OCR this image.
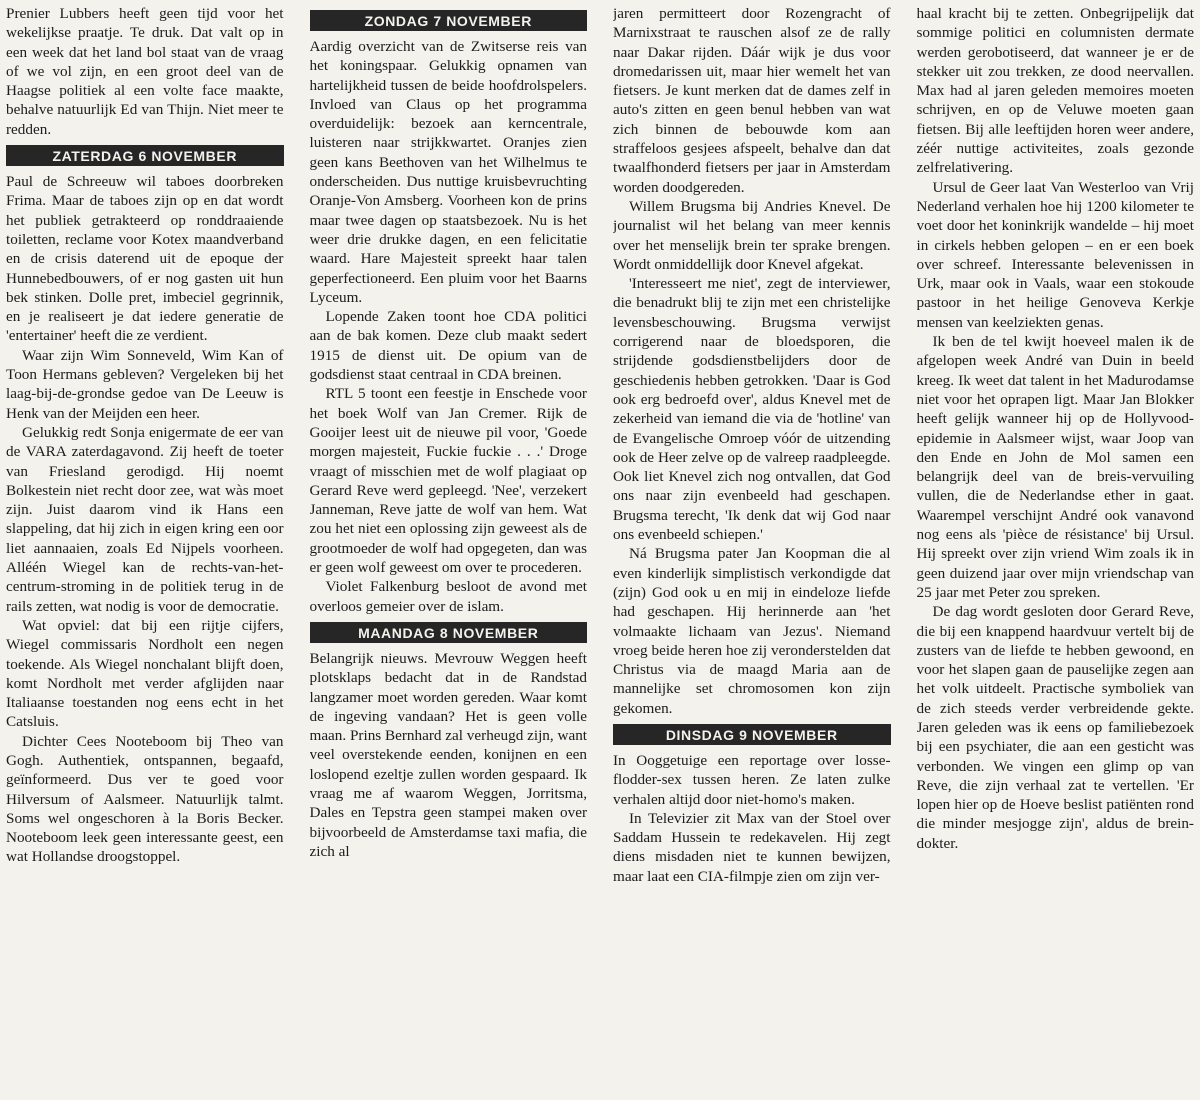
Prenier Lubbers heeft geen tijd voor het wekelijkse praatje. Te druk. Dat valt op in een week dat het land bol staat van de vraag of we vol zijn, en een groot deel van de Haagse politiek al een volte face maakte, behalve natuurlijk Ed van Thijn. Niet meer te redden.

ZATERDAG 6 NOVEMBER

Paul de Schreeuw wil taboes doorbreken Frima. Maar de taboes zijn op en dat wordt het publiek getrakteerd op ronddraaiende toiletten, reclame voor Kotex maandverband en de crisis daterend uit de epoque der Hunnebedbouwers, of er nog gasten uit hun bek stinken. Dolle pret, imbeciel gegrinnik, en je realiseert je dat iedere generatie de 'entertainer' heeft die ze verdient.

Waar zijn Wim Sonneveld, Wim Kan of Toon Hermans gebleven? Vergeleken bij het laag-bij-de-grondse gedoe van De Leeuw is Henk van der Meijden een heer.

Gelukkig redt Sonja enigermate de eer van de VARA zaterdagavond. Zij heeft de toeter van Friesland gerodigd. Hij noemt Bolkestein niet recht door zee, wat wàs moet zijn. Juist daarom vind ik Hans een slappeling, dat hij zich in eigen kring een oor liet aannaaien, zoals Ed Nijpels voorheen. Alléén Wiegel kan de rechts-van-het-centrum-stroming in de politiek terug in de rails zetten, wat nodig is voor de democratie.

Wat opviel: dat bij een rijtje cijfers, Wiegel commissaris Nordholt een negen toekende. Als Wiegel nonchalant blijft doen, komt Nordholt met verder afglijden naar Italiaanse toestanden nog eens echt in het Catsluis.

Dichter Cees Nooteboom bij Theo van Gogh. Authentiek, ontspannen, begaafd, geïnformeerd. Dus ver te goed voor Hilversum of Aalsmeer. Natuurlijk talmt. Soms wel ongeschoren à la Boris Becker. Nooteboom leek geen interessante geest, een wat Hollandse droogstoppel.

ZONDAG 7 NOVEMBER

Aardig overzicht van de Zwitserse reis van het koningspaar. Gelukkig opnamen van hartelijkheid tussen de beide hoofdrolspelers. Invloed van Claus op het programma overduidelijk: bezoek aan kerncentrale, luisteren naar strijkkwartet. Oranjes zien geen kans Beethoven van het Wilhelmus te onderscheiden. Dus nuttige kruisbevruchting Oranje-Von Amsberg. Voorheen kon de prins maar twee dagen op staatsbezoek. Nu is het weer drie drukke dagen, en een felicitatie waard. Hare Majesteit spreekt haar talen geperfectioneerd. Een pluim voor het Baarns Lyceum.

Lopende Zaken toont hoe CDA politici aan de bak komen. Deze club maakt sedert 1915 de dienst uit. De opium van de godsdienst staat centraal in CDA breinen.

RTL 5 toont een feestje in Enschede voor het boek Wolf van Jan Cremer. Rijk de Gooijer leest uit de nieuwe pil voor, 'Goede morgen majesteit, Fuckie fuckie . . .' Droge vraagt of misschien met de wolf plagiaat op Gerard Reve werd gepleegd. 'Nee', verzekert Janneman, Reve jatte de wolf van hem. Wat zou het niet een oplossing zijn geweest als de grootmoeder de wolf had opgegeten, dan was er geen wolf geweest om over te procederen.

Violet Falkenburg besloot de avond met overloos gemeier over de islam.

MAANDAG 8 NOVEMBER

Belangrijk nieuws. Mevrouw Weggen heeft plotsklaps bedacht dat in de Randstad langzamer moet worden gereden. Waar komt de ingeving vandaan? Het is geen volle maan. Prins Bernhard zal verheugd zijn, want veel overstekende eenden, konijnen en een loslopend ezeltje zullen worden gespaard. Ik vraag me af waarom Weggen, Jorritsma, Dales en Tepstra geen stampei maken over bijvoorbeeld de Amsterdamse taxi mafia, die zich al

jaren permitteert door Rozengracht of Marnixstraat te rauschen alsof ze de rally naar Dakar rijden. Dáár wijk je dus voor dromedarissen uit, maar hier wemelt het van fietsers. Je kunt merken dat de dames zelf in auto's zitten en geen benul hebben van wat zich binnen de bebouwde kom aan straffeloos gesjees afspeelt, behalve dan dat twaalfhonderd fietsers per jaar in Amsterdam worden doodgereden.

Willem Brugsma bij Andries Knevel. De journalist wil het belang van meer kennis over het menselijk brein ter sprake brengen. Wordt onmiddellijk door Knevel afgekat.

'Interesseert me niet', zegt de interviewer, die benadrukt blij te zijn met een christelijke levensbeschouwing. Brugsma verwijst corrigerend naar de bloedsporen, die strijdende godsdienstbelijders door de geschiedenis hebben getrokken. 'Daar is God ook erg bedroefd over', aldus Knevel met de zekerheid van iemand die via de 'hotline' van de Evangelische Omroep vóór de uitzending ook de Heer zelve op de valreep raadpleegde. Ook liet Knevel zich nog ontvallen, dat God ons naar zijn evenbeeld had geschapen. Brugsma terecht, 'Ik denk dat wij God naar ons evenbeeld schiepen.'

Ná Brugsma pater Jan Koopman die al even kinderlijk simplistisch verkondigde dat (zijn) God ook u en mij in eindeloze liefde had geschapen. Hij herinnerde aan 'het volmaakte lichaam van Jezus'. Niemand vroeg beide heren hoe zij veronderstelden dat Christus via de maagd Maria aan de mannelijke set chromosomen kon zijn gekomen.

DINSDAG 9 NOVEMBER

In Ooggetuige een reportage over losse-flodder-sex tussen heren. Ze laten zulke verhalen altijd door niet-homo's maken.

In Televizier zit Max van der Stoel over Saddam Hussein te redekavelen. Hij zegt diens misdaden niet te kunnen bewijzen, maar laat een CIA-filmpje zien om zijn ver-

haal kracht bij te zetten. Onbegrijpelijk dat sommige politici en columnisten dermate werden gerobotiseerd, dat wanneer je er de stekker uit zou trekken, ze dood neervallen. Max had al jaren geleden memoires moeten schrijven, en op de Veluwe moeten gaan fietsen. Bij alle leeftijden horen weer andere, zéér nuttige activiteites, zoals gezonde zelfrelativering.

Ursul de Geer laat Van Westerloo van Vrij Nederland verhalen hoe hij 1200 kilometer te voet door het koninkrijk wandelde – hij moet in cirkels hebben gelopen – en er een boek over schreef. Interessante belevenissen in Urk, maar ook in Vaals, waar een stokoude pastoor in het heilige Genoveva Kerkje mensen van keelziekten genas.

Ik ben de tel kwijt hoeveel malen ik de afgelopen week André van Duin in beeld kreeg. Ik weet dat talent in het Madurodamse niet voor het oprapen ligt. Maar Jan Blokker heeft gelijk wanneer hij op de Hollyvood-epidemie in Aalsmeer wijst, waar Joop van den Ende en John de Mol samen een belangrijk deel van de breis-vervuiling vullen, die de Nederlandse ether in gaat. Waarempel verschijnt André ook vanavond nog eens als 'pièce de résistance' bij Ursul. Hij spreekt over zijn vriend Wim zoals ik in geen duizend jaar over mijn vriendschap van 25 jaar met Peter zou spreken.

De dag wordt gesloten door Gerard Reve, die bij een knappend haardvuur vertelt bij de zusters van de liefde te hebben gewoond, en voor het slapen gaan de pauselijke zegen aan het volk uitdeelt. Practische symboliek van de zich steeds verder verbreidende gekte. Jaren geleden was ik eens op familiebezoek bij een psychiater, die aan een gesticht was verbonden. We vingen een glimp op van Reve, die zijn verhaal zat te vertellen. 'Er lopen hier op de Hoeve beslist patiënten rond die minder mesjogge zijn', aldus de brein-dokter.
